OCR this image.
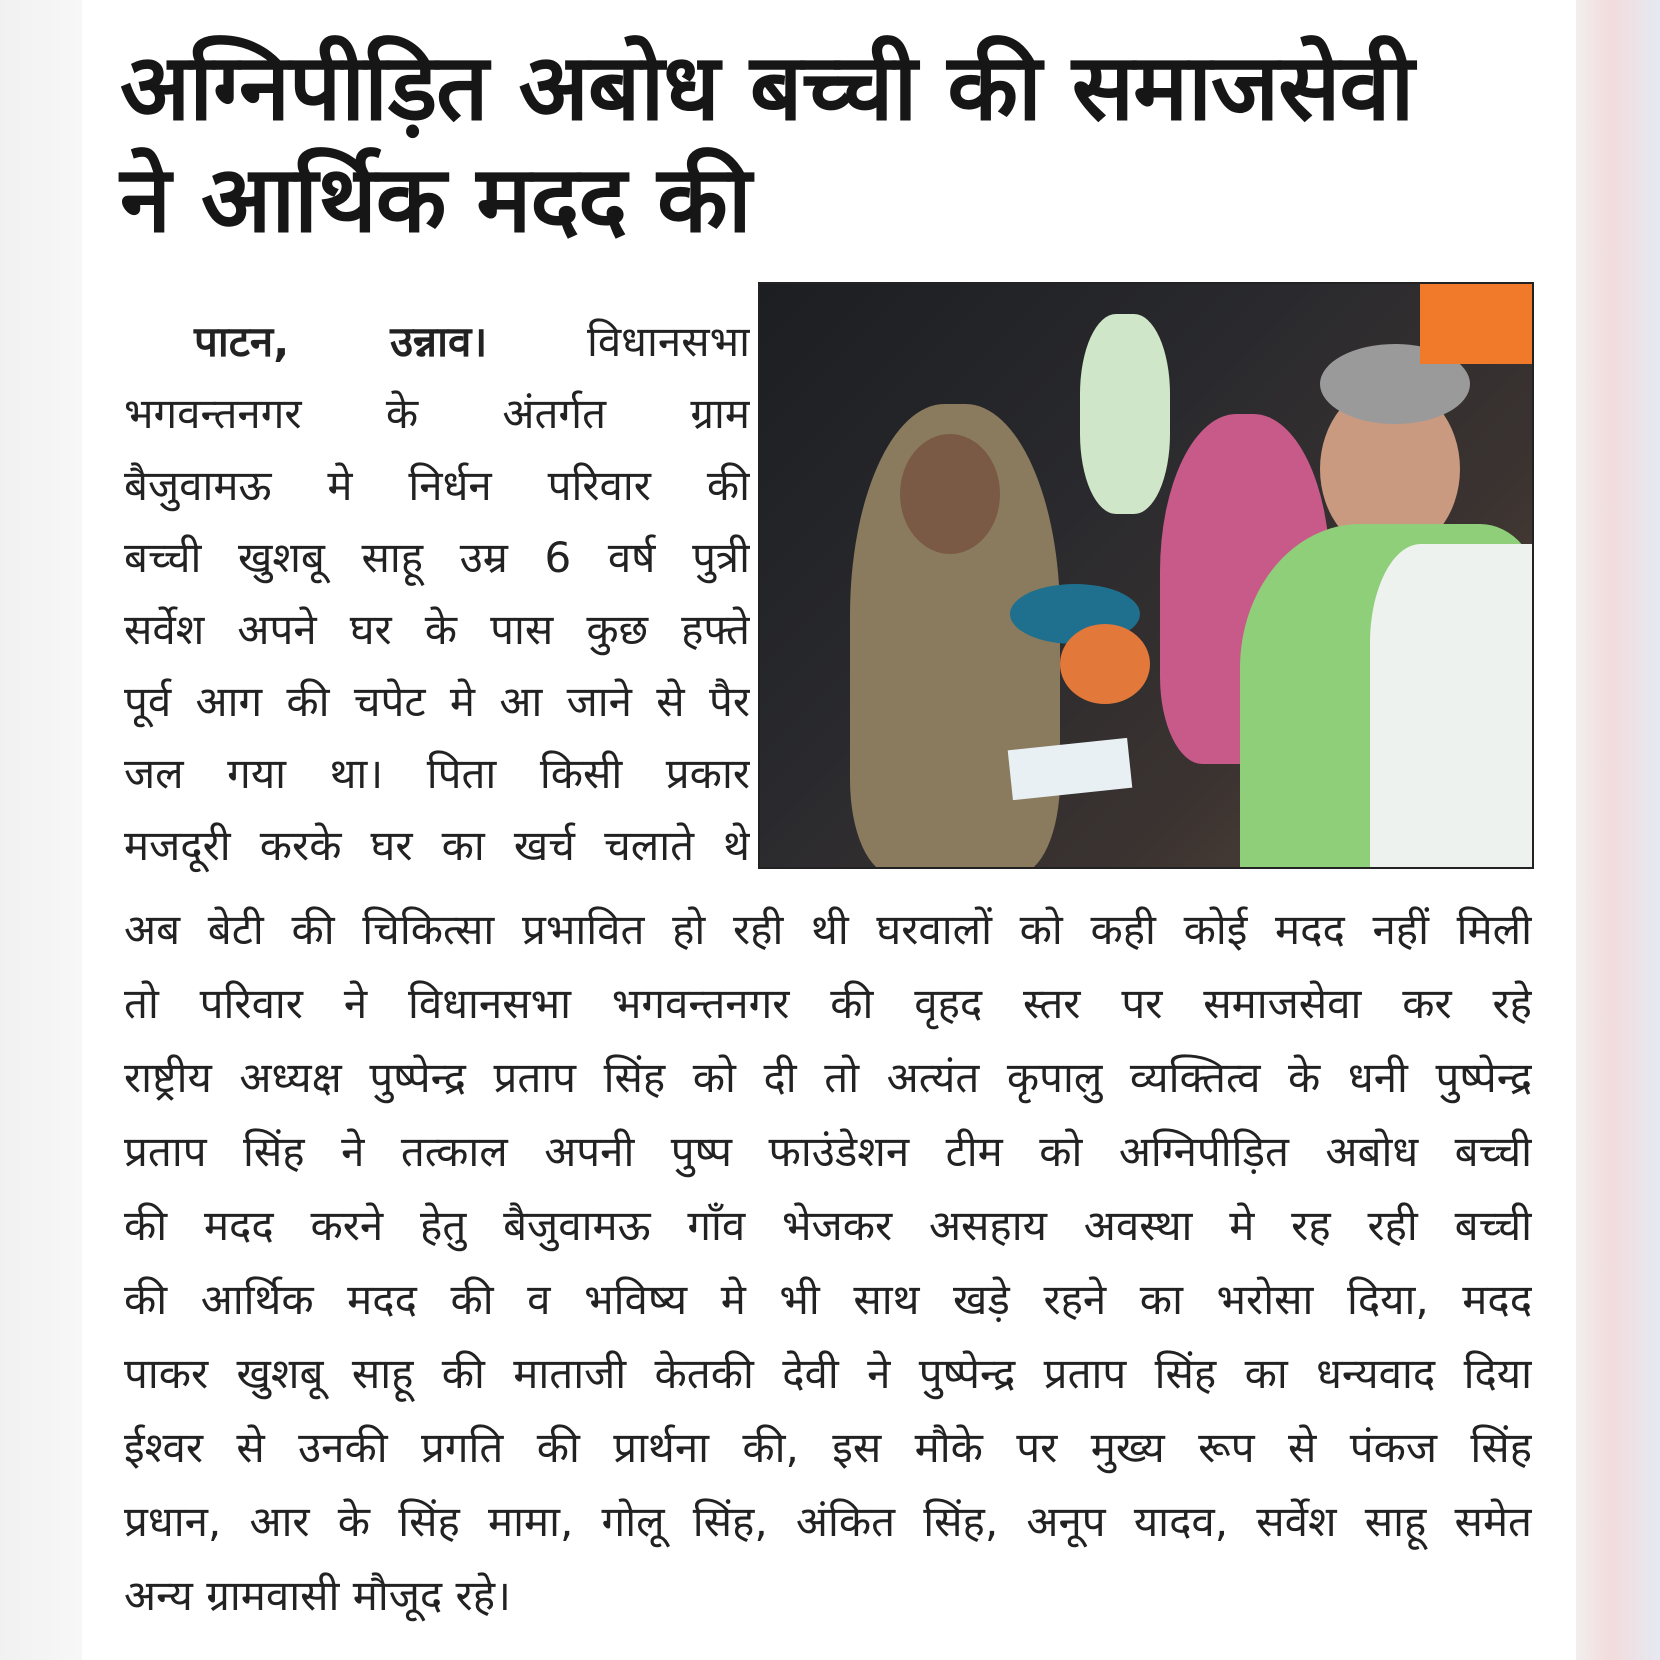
अग्निपीड़ित अबोध बच्ची की समाजसेवी
ने आर्थिक मदद की
पाटन, उन्नाव। विधानसभा
भगवन्तनगर के अंतर्गत ग्राम
बैजुवामऊ मे निर्धन परिवार की
बच्ची खुशबू साहू उम्र 6 वर्ष पुत्री
सर्वेश अपने घर के पास कुछ हफ्ते
पूर्व आग की चपेट मे आ जाने से पैर
जल गया था। पिता किसी प्रकार
मजदूरी करके घर का खर्च चलाते थे
अब बेटी की चिकित्सा प्रभावित हो रही थी घरवालों को कही कोई मदद नहीं मिली
तो परिवार ने विधानसभा भगवन्तनगर की वृहद स्तर पर समाजसेवा कर रहे
राष्ट्रीय अध्यक्ष पुष्पेन्द्र प्रताप सिंह को दी तो अत्यंत कृपालु व्यक्तित्व के धनी पुष्पेन्द्र
प्रताप सिंह ने तत्काल अपनी पुष्प फाउंडेशन टीम को अग्निपीड़ित अबोध बच्ची
की मदद करने हेतु बैजुवामऊ गाँव भेजकर असहाय अवस्था मे रह रही बच्ची
की आर्थिक मदद की व भविष्य मे भी साथ खड़े रहने का भरोसा दिया, मदद
पाकर खुशबू साहू की माताजी केतकी देवी ने पुष्पेन्द्र प्रताप सिंह का धन्यवाद दिया
ईश्वर से उनकी प्रगति की प्रार्थना की, इस मौके पर मुख्य रूप से पंकज सिंह
प्रधान, आर के सिंह मामा, गोलू सिंह, अंकित सिंह, अनूप यादव, सर्वेश साहू समेत
अन्य ग्रामवासी मौजूद रहे।
